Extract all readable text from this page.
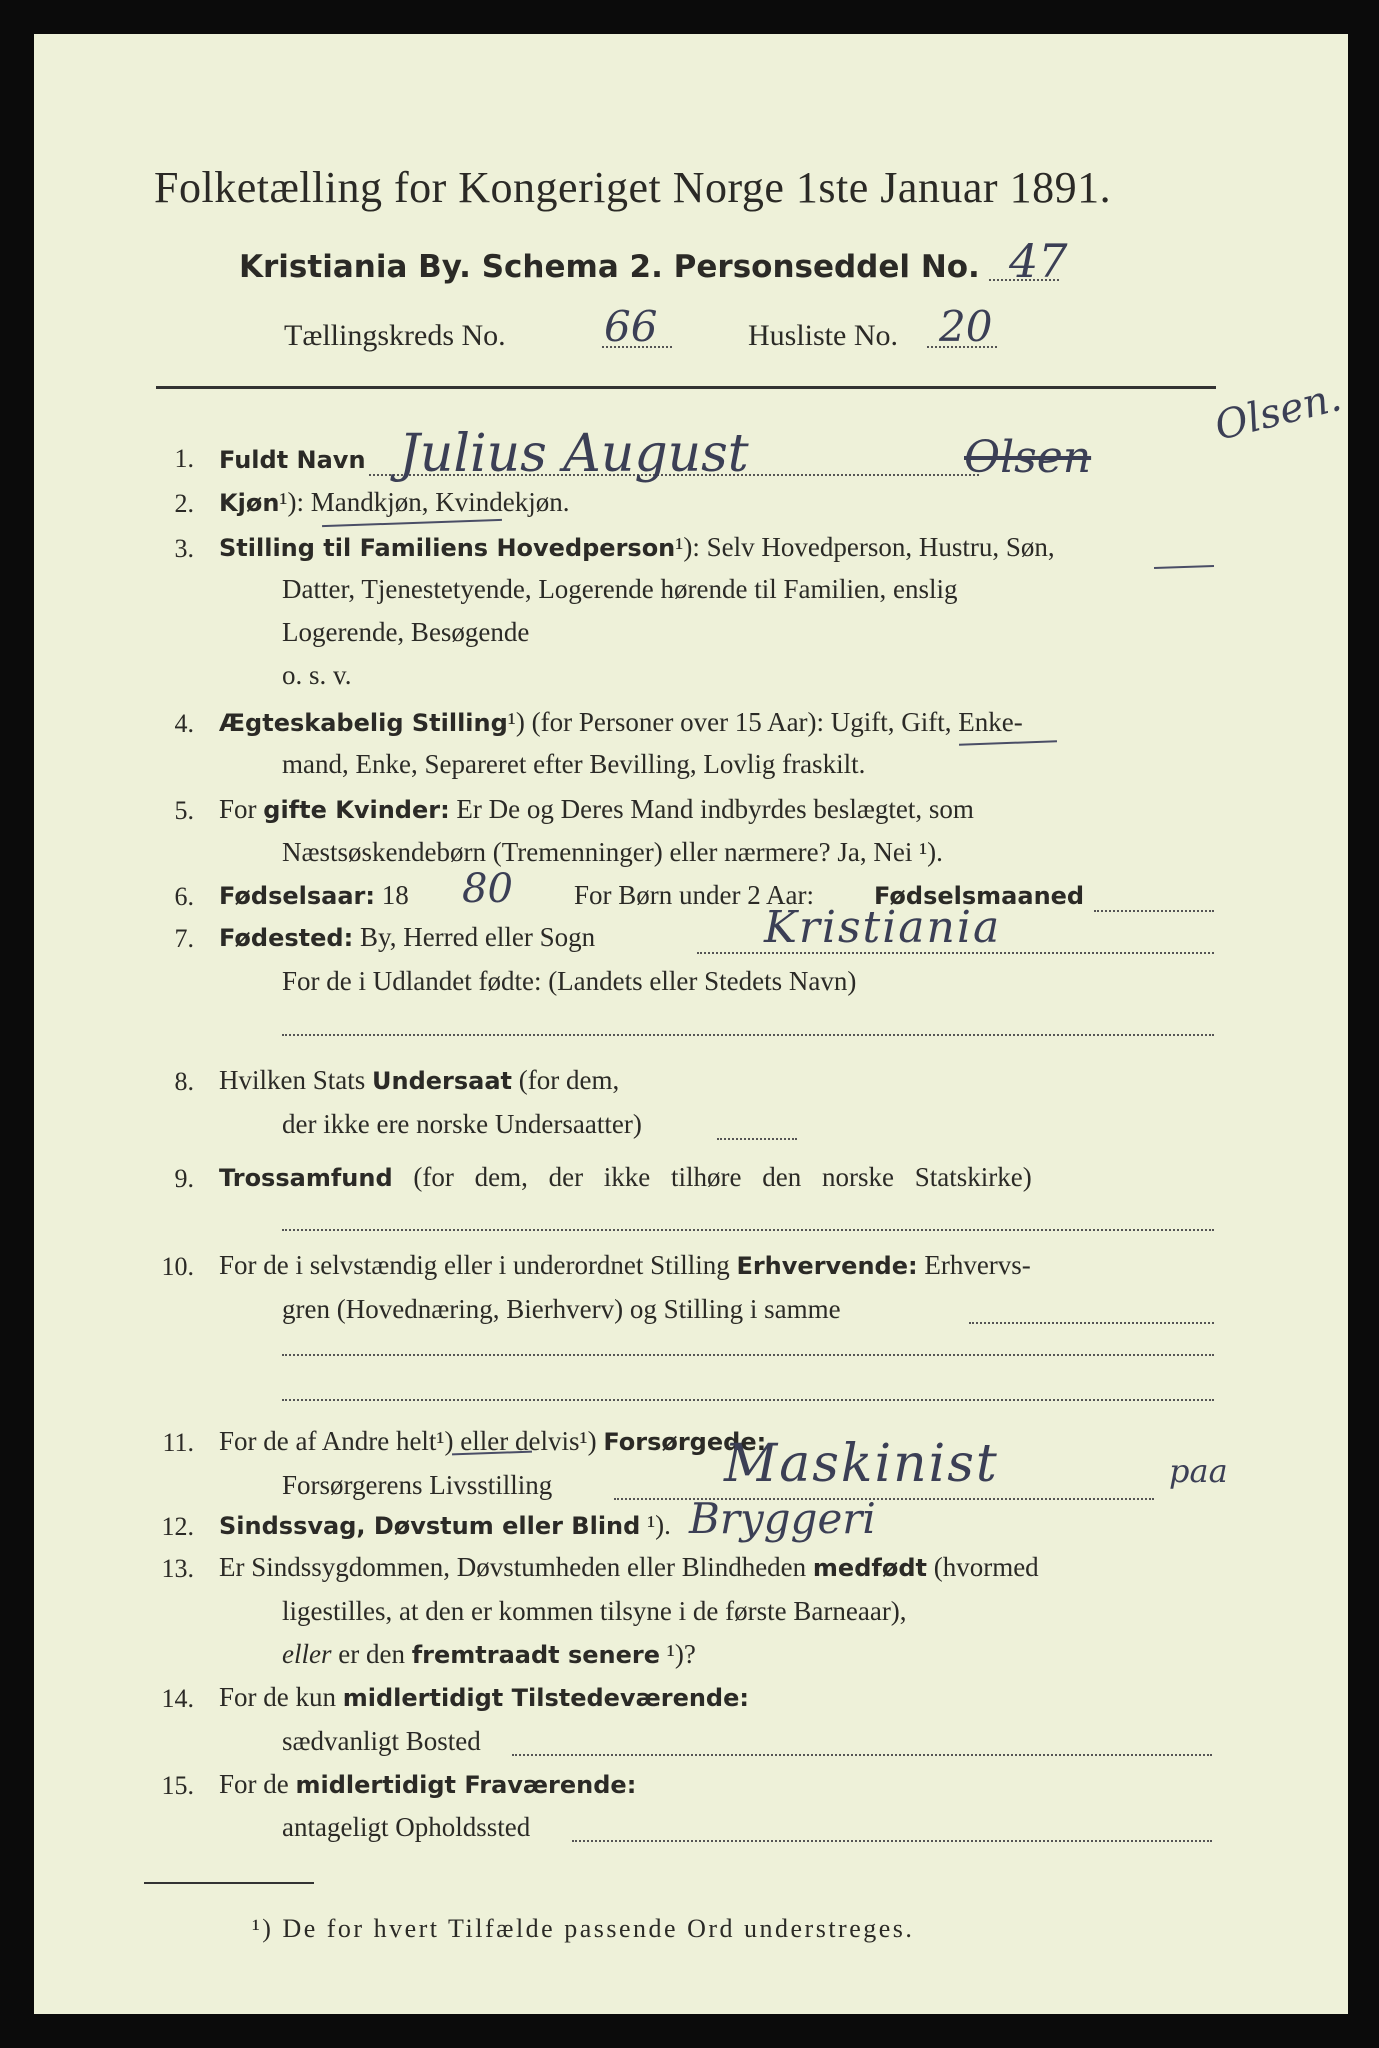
Folketælling for Kongeriget Norge 1ste Januar 1891.
Kristiania By. Schema 2. Personseddel No. 47
Tællingskreds No. 66	Husliste No. 20
1. Fuldt Navn Julius August	Olsen
Olsen.
2. Kjøn¹): Mandkjøn, Kvindekjøn.
3. Stilling til Familiens Hovedperson¹): Selv Hovedperson, Hustru, Søn,
Datter, Tjenestetyende, Logerende hørende til Familien, enslig
Logerende, Besøgende
o. s. v.
4. Ægteskabelig Stilling¹) (for Personer over 15 Aar): Ugift, Gift, Enke-
mand, Enke, Separeret efter Bevilling, Lovlig fraskilt.
5. For gifte Kvinder: Er De og Deres Mand indbyrdes beslægtet, som
Næstsøskendebørn (Tremenninger) eller nærmere? Ja, Nei ¹).
6. Fødselsaar: 18 80 For Børn under 2 Aar:	Fødselsmaaned
7. Fødested: By, Herred eller Sogn	Kristiania
For de i Udlandet fødte: (Landets eller Stedets Navn)
8. Hvilken Stats Undersaat (for dem,
der ikke ere norske Undersaatter)
9. Trossamfund (for dem, der ikke tilhøre den norske Statskirke)
10. For de i selvstændig eller i underordnet Stilling Erhvervende: Erhvervs-
gren (Hovednæring, Bierhverv) og Stilling i samme
11. For de af Andre helt¹) eller delvis¹) Forsørgede:
Forsørgerens Livsstilling	Maskinist	paa
12. Sindssvag, Døvstum eller Blind ¹). Bryggeri
13. Er Sindssygdommen, Døvstumheden eller Blindheden medfødt (hvormed
ligestilles, at den er kommen tilsyne i de første Barneaar),
eller er den fremtraadt senere ¹)?
14. For de kun midlertidigt Tilstedeværende:
sædvanligt Bosted
15. For de midlertidigt Fraværende:
antageligt Opholdssted
¹) De for hvert Tilfælde passende Ord understreges.
